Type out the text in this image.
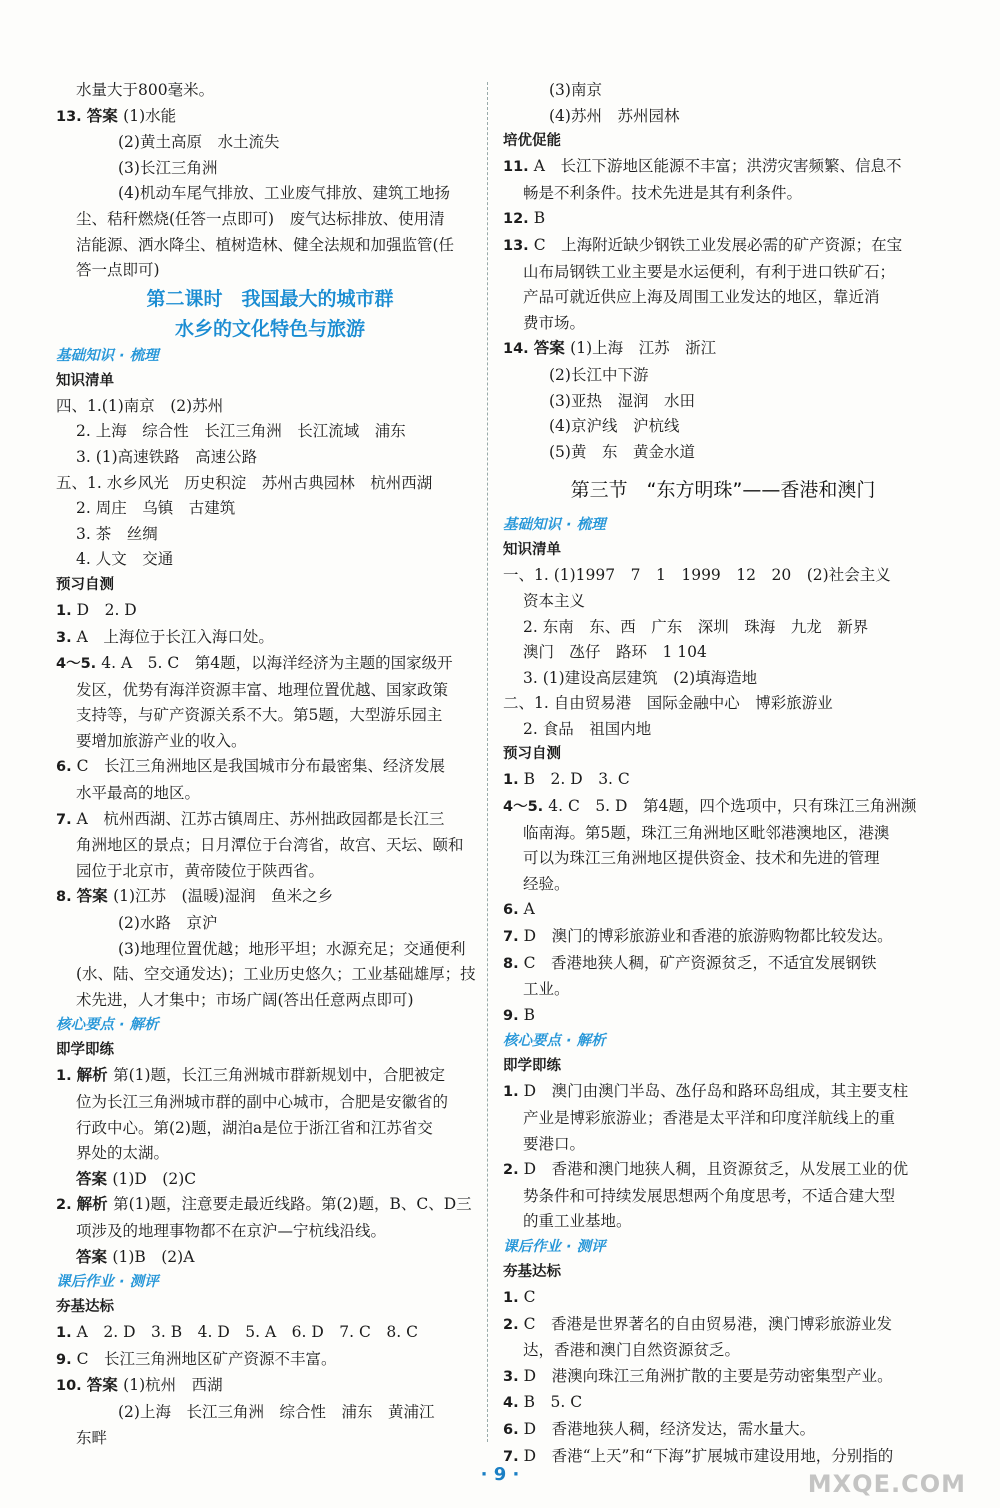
水量大于800毫米。
13. 答案 (1)水能
(2)黄土高原　水土流失
(3)长江三角洲
(4)机动车尾气排放、工业废气排放、建筑工地扬
尘、秸秆燃烧(任答一点即可)　废气达标排放、使用清
洁能源、洒水降尘、植树造林、健全法规和加强监管(任
答一点即可)
第二课时　我国最大的城市群
水乡的文化特色与旅游
基础知识 · 梳理
知识清单
四、1.(1)南京　(2)苏州
2. 上海　综合性　长江三角洲　长江流域　浦东
3. (1)高速铁路　高速公路
五、1. 水乡风光　历史积淀　苏州古典园林　杭州西湖
2. 周庄　乌镇　古建筑
3. 茶　丝绸
4. 人文　交通
预习自测
1. D　2. D
3. A　上海位于长江入海口处。
4～5. 4. A　5. C　第4题，以海洋经济为主题的国家级开
发区，优势有海洋资源丰富、地理位置优越、国家政策
支持等，与矿产资源关系不大。第5题，大型游乐园主
要增加旅游产业的收入。
6. C　长江三角洲地区是我国城市分布最密集、经济发展
水平最高的地区。
7. A　杭州西湖、江苏古镇周庄、苏州拙政园都是长江三
角洲地区的景点；日月潭位于台湾省，故宫、天坛、颐和
园位于北京市，黄帝陵位于陕西省。
8. 答案 (1)江苏　(温暖)湿润　鱼米之乡
(2)水路　京沪
(3)地理位置优越；地形平坦；水源充足；交通便利
(水、陆、空交通发达)；工业历史悠久；工业基础雄厚；技
术先进，人才集中；市场广阔(答出任意两点即可)
核心要点 · 解析
即学即练
1. 解析 第(1)题，长江三角洲城市群新规划中，合肥被定
位为长江三角洲城市群的副中心城市，合肥是安徽省的
行政中心。第(2)题，湖泊a是位于浙江省和江苏省交
界处的太湖。
答案 (1)D　(2)C
2. 解析 第(1)题，注意要走最近线路。第(2)题，B、C、D三
项涉及的地理事物都不在京沪—宁杭线沿线。
答案 (1)B　(2)A
课后作业 · 测评
夯基达标
1. A　2. D　3. B　4. D　5. A　6. D　7. C　8. C
9. C　长江三角洲地区矿产资源不丰富。
10. 答案 (1)杭州　西湖
(2)上海　长江三角洲　综合性　浦东　黄浦江
东畔
(3)南京
(4)苏州　苏州园林
培优促能
11. A　长江下游地区能源不丰富；洪涝灾害频繁、信息不
畅是不利条件。技术先进是其有利条件。
12. B
13. C　上海附近缺少钢铁工业发展必需的矿产资源；在宝
山布局钢铁工业主要是水运便利，有利于进口铁矿石；
产品可就近供应上海及周围工业发达的地区，靠近消
费市场。
14. 答案 (1)上海　江苏　浙江
(2)长江中下游
(3)亚热　湿润　水田
(4)京沪线　沪杭线
(5)黄　东　黄金水道
第三节　“东方明珠”——香港和澳门
基础知识 · 梳理
知识清单
一、1. (1)1997　7　1　1999　12　20　(2)社会主义
资本主义
2. 东南　东、西　广东　深圳　珠海　九龙　新界
澳门　氹仔　路环　1 104
3. (1)建设高层建筑　(2)填海造地
二、1. 自由贸易港　国际金融中心　博彩旅游业
2. 食品　祖国内地
预习自测
1. B　2. D　3. C
4～5. 4. C　5. D　第4题，四个选项中，只有珠江三角洲濒
临南海。第5题，珠江三角洲地区毗邻港澳地区，港澳
可以为珠江三角洲地区提供资金、技术和先进的管理
经验。
6. A
7. D　澳门的博彩旅游业和香港的旅游购物都比较发达。
8. C　香港地狭人稠，矿产资源贫乏，不适宜发展钢铁
工业。
9. B
核心要点 · 解析
即学即练
1. D　澳门由澳门半岛、氹仔岛和路环岛组成，其主要支柱
产业是博彩旅游业；香港是太平洋和印度洋航线上的重
要港口。
2. D　香港和澳门地狭人稠，且资源贫乏，从发展工业的优
势条件和可持续发展思想两个角度思考，不适合建大型
的重工业基地。
课后作业 · 测评
夯基达标
1. C
2. C　香港是世界著名的自由贸易港，澳门博彩旅游业发
达，香港和澳门自然资源贫乏。
3. D　港澳向珠江三角洲扩散的主要是劳动密集型产业。
4. B　5. C
6. D　香港地狭人稠，经济发达，需水量大。
7. D　香港“上天”和“下海”扩展城市建设用地，分别指的
· 9 ·	MXQE.COM
